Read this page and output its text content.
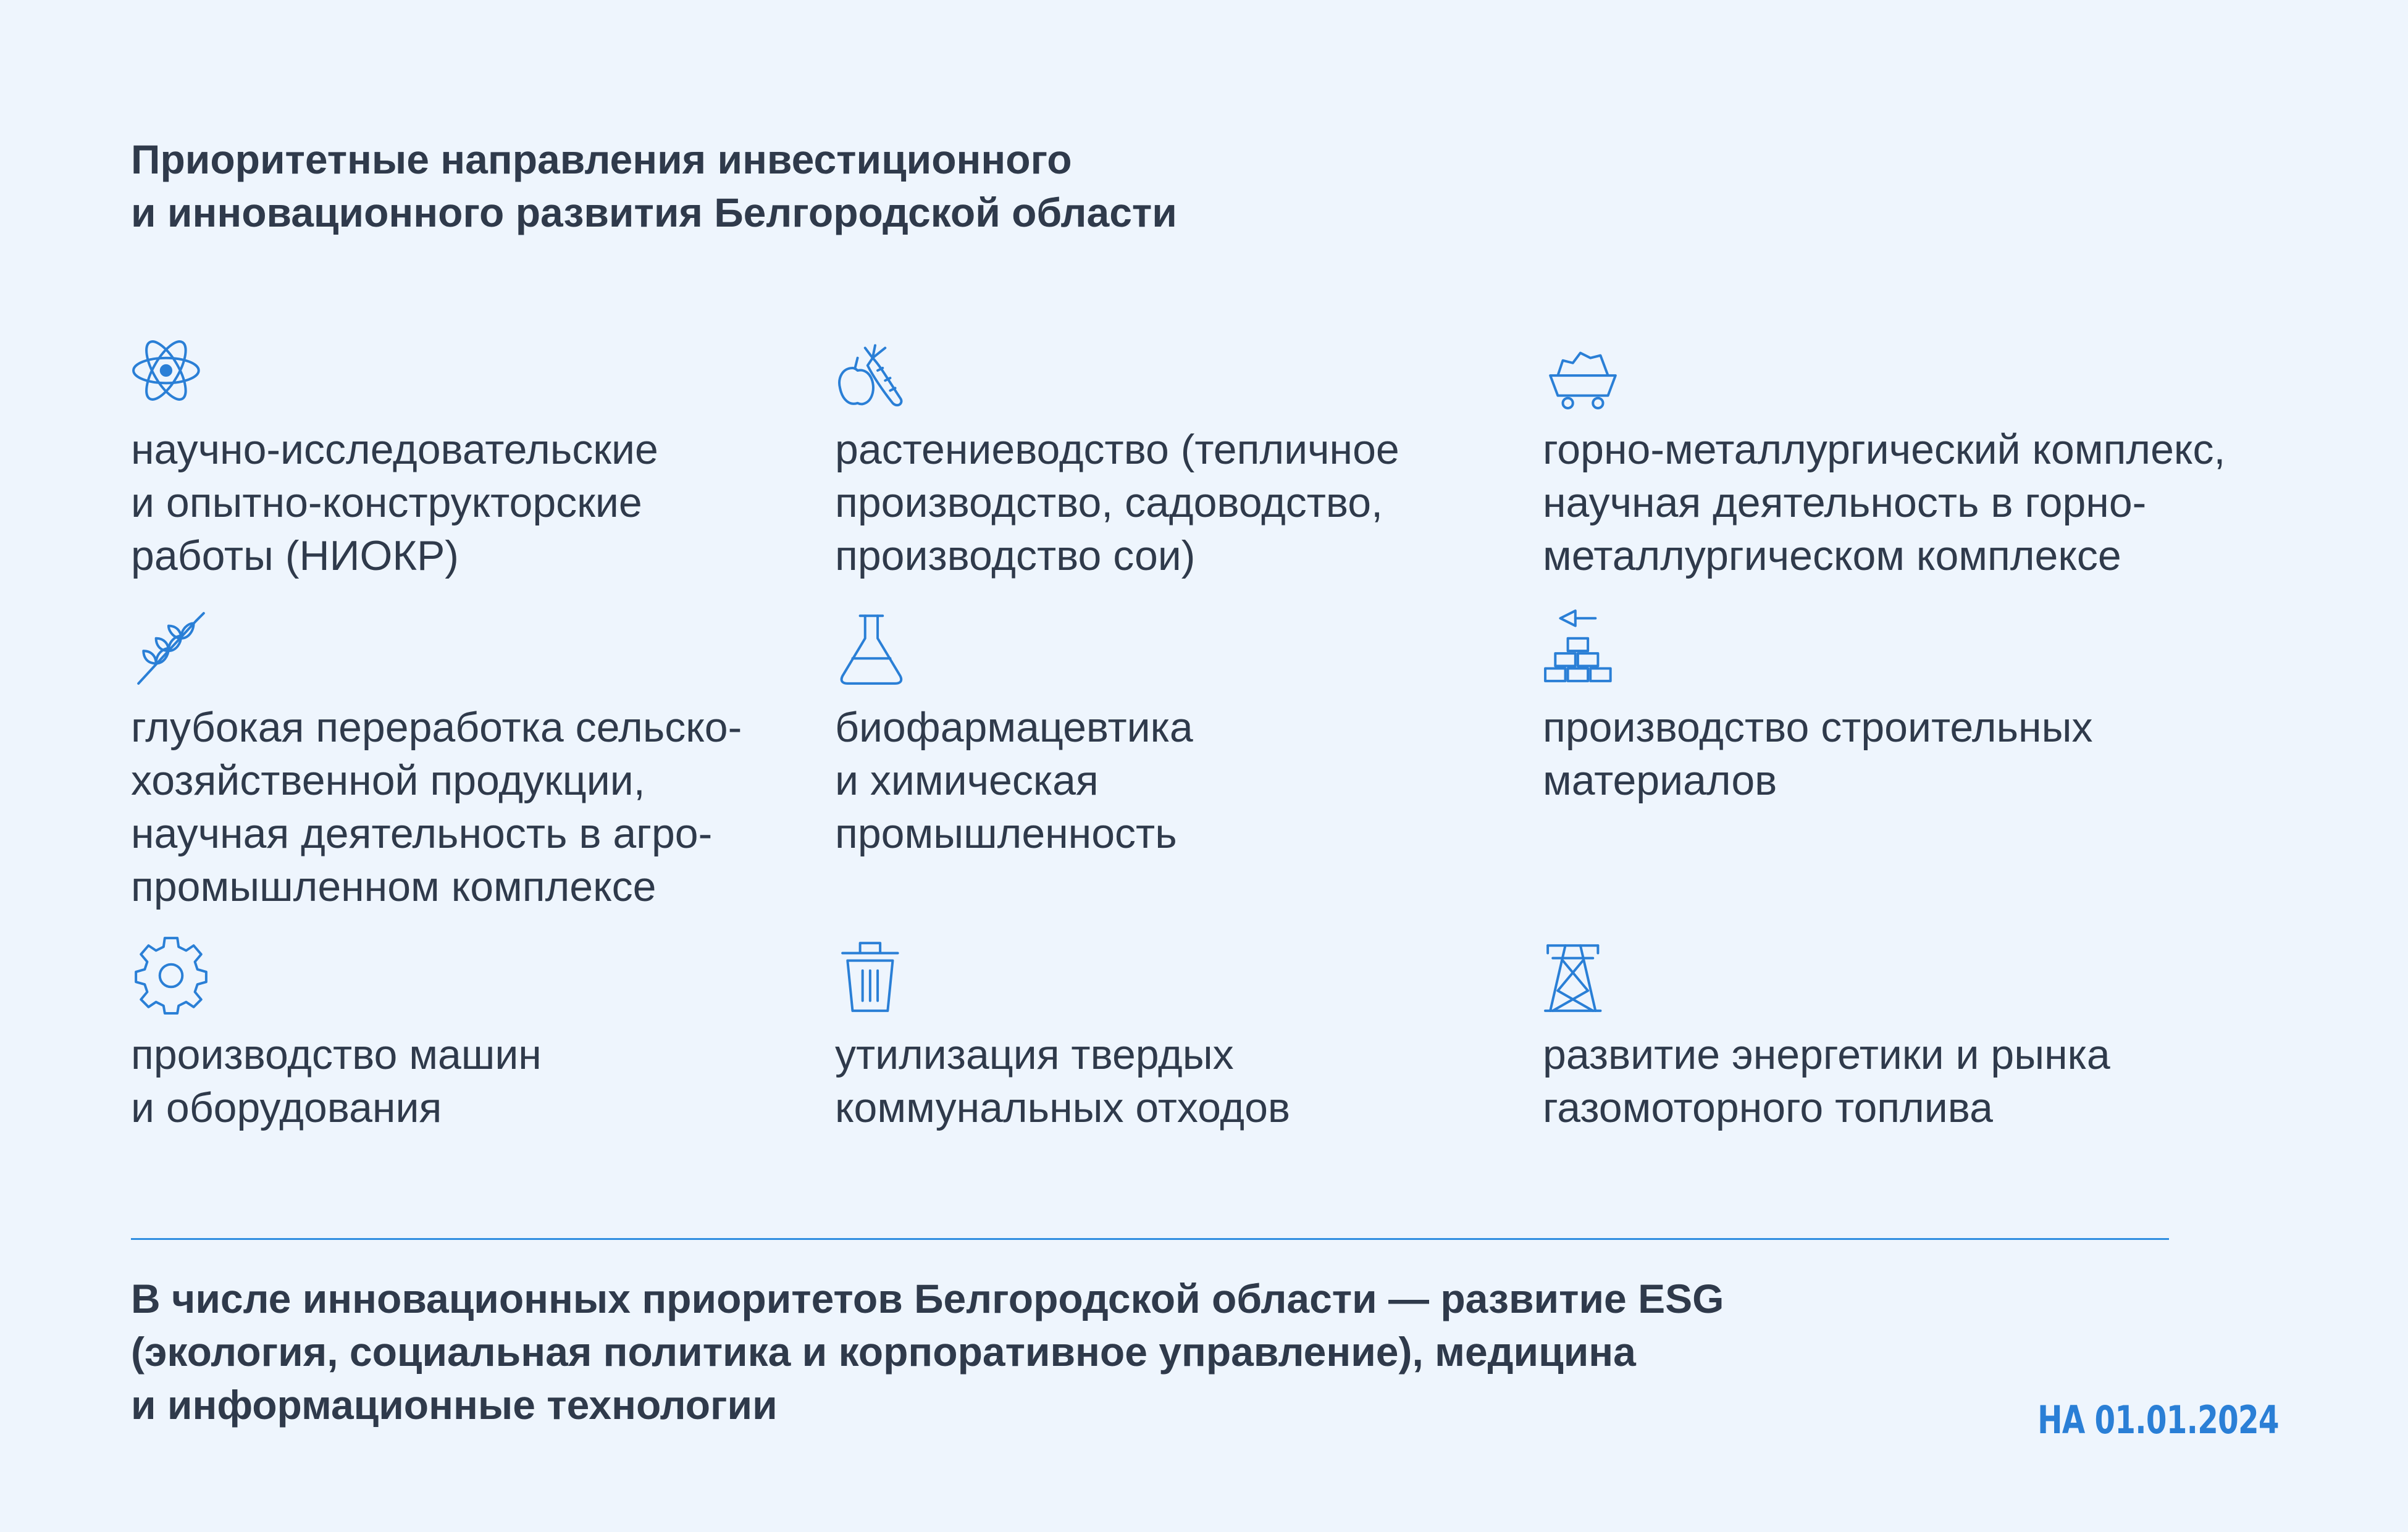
Приоритетные направления инвестиционного
и инновационного развития Белгородской области
научно-исследовательские
и опытно-конструкторские
работы (НИОКР)
растениеводство (тепличное
производство, садоводство,
производство сои)
горно-металлургический комплекс,
научная деятельность в горно-
металлургическом комплексе
глубокая переработка сельско-
хозяйственной продукции,
научная деятельность в агро-
промышленном комплексе
биофармацевтика
и химическая
промышленность
производство строительных
материалов
производство машин
и оборудования
утилизация твердых
коммунальных отходов
развитие энергетики и рынка
газомоторного топлива
В числе инновационных приоритетов Белгородской области — развитие ESG
(экология, социальная политика и корпоративное управление), медицина
и информационные технологии	НА 01.01.2024
